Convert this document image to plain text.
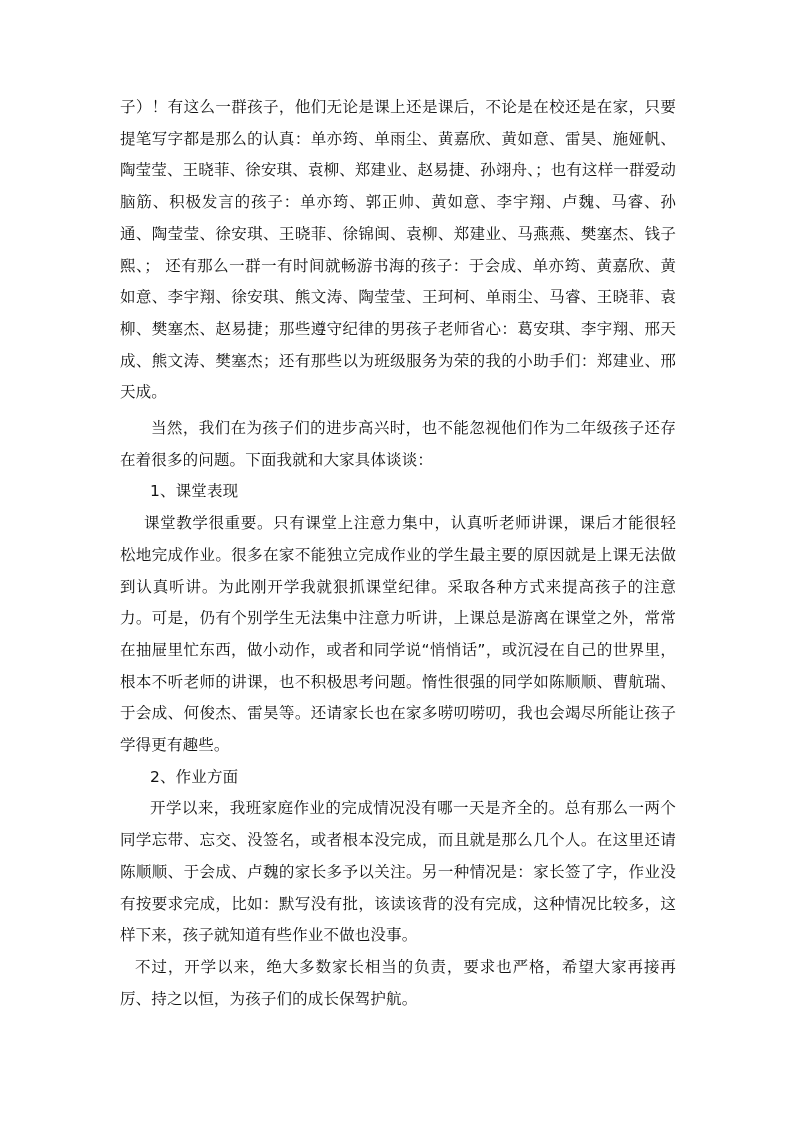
子）！有这么一群孩子，他们无论是课上还是课后，不论是在校还是在家，只要提笔写字都是那么的认真：单亦筠、单雨尘、黄嘉欣、黄如意、雷昊、施娅帆、陶莹莹、王晓菲、徐安琪、袁柳、郑建业、赵易捷、孙翊舟、；也有这样一群爱动脑筋、积极发言的孩子：单亦筠、郭正帅、黄如意、李宇翔、卢魏、马睿、孙通、陶莹莹、徐安琪、王晓菲、徐锦闽、袁柳、郑建业、马燕燕、樊塞杰、钱子熙、； 还有那么一群一有时间就畅游书海的孩子：于会成、单亦筠、黄嘉欣、黄如意、李宇翔、徐安琪、熊文涛、陶莹莹、王珂柯、单雨尘、马睿、王晓菲、袁柳、樊塞杰、赵易捷；那些遵守纪律的男孩子老师省心：葛安琪、李宇翔、邢天成、熊文涛、樊塞杰；还有那些以为班级服务为荣的我的小助手们：郑建业、邢天成。

当然，我们在为孩子们的进步高兴时，也不能忽视他们作为二年级孩子还存在着很多的问题。下面我就和大家具体谈谈：

1、课堂表现

课堂教学很重要。只有课堂上注意力集中，认真听老师讲课，课后才能很轻松地完成作业。很多在家不能独立完成作业的学生最主要的原因就是上课无法做到认真听讲。为此刚开学我就狠抓课堂纪律。采取各种方式来提高孩子的注意力。可是，仍有个别学生无法集中注意力听讲，上课总是游离在课堂之外，常常在抽屉里忙东西，做小动作，或者和同学说“悄悄话”，或沉浸在自己的世界里，根本不听老师的讲课，也不积极思考问题。惰性很强的同学如陈顺顺、曹航瑞、于会成、何俊杰、雷昊等。还请家长也在家多唠叨唠叨，我也会竭尽所能让孩子学得更有趣些。

2、作业方面

开学以来，我班家庭作业的完成情况没有哪一天是齐全的。总有那么一两个同学忘带、忘交、没签名，或者根本没完成，而且就是那么几个人。在这里还请陈顺顺、于会成、卢魏的家长多予以关注。另一种情况是：家长签了字，作业没有按要求完成，比如：默写没有批，该读该背的没有完成，这种情况比较多，这样下来，孩子就知道有些作业不做也没事。

不过，开学以来，绝大多数家长相当的负责，要求也严格，希望大家再接再厉、持之以恒，为孩子们的成长保驾护航。
